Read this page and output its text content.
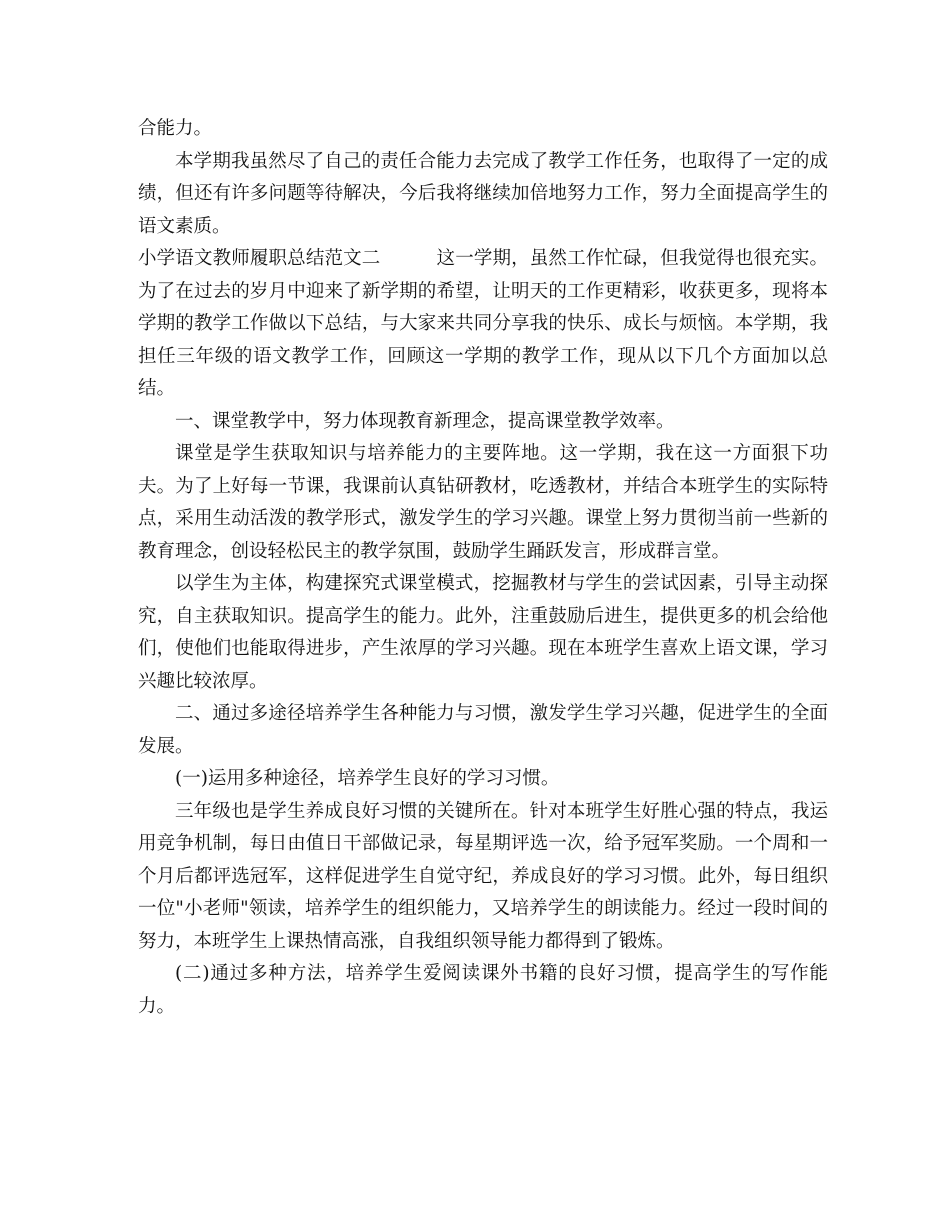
合能力。

本学期我虽然尽了自己的责任合能力去完成了教学工作任务，也取得了一定的成绩，但还有许多问题等待解决，今后我将继续加倍地努力工作，努力全面提高学生的语文素质。

小学语文教师履职总结范文二	这一学期，虽然工作忙碌，但我觉得也很充实。为了在过去的岁月中迎来了新学期的希望，让明天的工作更精彩，收获更多，现将本学期的教学工作做以下总结，与大家来共同分享我的快乐、成长与烦恼。本学期，我担任三年级的语文教学工作，回顾这一学期的教学工作，现从以下几个方面加以总结。

一、课堂教学中，努力体现教育新理念，提高课堂教学效率。

课堂是学生获取知识与培养能力的主要阵地。这一学期，我在这一方面狠下功夫。为了上好每一节课，我课前认真钻研教材，吃透教材，并结合本班学生的实际特点，采用生动活泼的教学形式，激发学生的学习兴趣。课堂上努力贯彻当前一些新的教育理念，创设轻松民主的教学氛围，鼓励学生踊跃发言，形成群言堂。

以学生为主体，构建探究式课堂模式，挖掘教材与学生的尝试因素，引导主动探究，自主获取知识。提高学生的能力。此外，注重鼓励后进生，提供更多的机会给他们，使他们也能取得进步，产生浓厚的学习兴趣。现在本班学生喜欢上语文课，学习兴趣比较浓厚。

二、通过多途径培养学生各种能力与习惯，激发学生学习兴趣，促进学生的全面发展。

(一)运用多种途径，培养学生良好的学习习惯。

三年级也是学生养成良好习惯的关键所在。针对本班学生好胜心强的特点，我运用竞争机制，每日由值日干部做记录，每星期评选一次，给予冠军奖励。一个周和一个月后都评选冠军，这样促进学生自觉守纪，养成良好的学习习惯。此外，每日组织一位"小老师"领读，培养学生的组织能力，又培养学生的朗读能力。经过一段时间的努力，本班学生上课热情高涨，自我组织领导能力都得到了锻炼。

(二)通过多种方法，培养学生爱阅读课外书籍的良好习惯，提高学生的写作能力。
